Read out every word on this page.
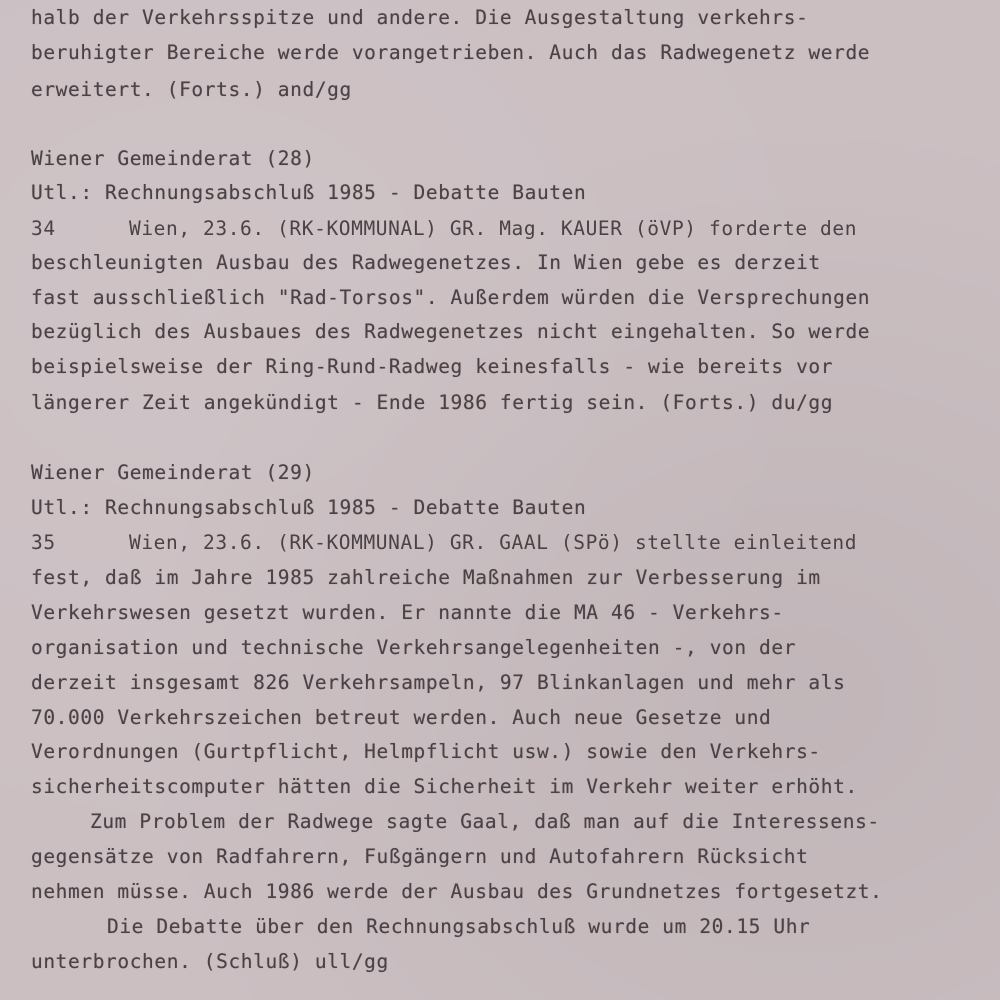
halb der Verkehrsspitze und andere. Die Ausgestaltung verkehrs-
beruhigter Bereiche werde vorangetrieben. Auch das Radwegenetz werde
erweitert. (Forts.) and/gg
Wiener Gemeinderat (28)
Utl.: Rechnungsabschluß 1985 - Debatte Bauten
34	Wien, 23.6. (RK-KOMMUNAL) GR. Mag. KAUER (öVP) forderte den
beschleunigten Ausbau des Radwegenetzes. In Wien gebe es derzeit
fast ausschließlich "Rad-Torsos". Außerdem würden die Versprechungen
bezüglich des Ausbaues des Radwegenetzes nicht eingehalten. So werde
beispielsweise der Ring-Rund-Radweg keinesfalls - wie bereits vor
längerer Zeit angekündigt - Ende 1986 fertig sein. (Forts.) du/gg
Wiener Gemeinderat (29)
Utl.: Rechnungsabschluß 1985 - Debatte Bauten
35	Wien, 23.6. (RK-KOMMUNAL) GR. GAAL (SPö) stellte einleitend
fest, daß im Jahre 1985 zahlreiche Maßnahmen zur Verbesserung im
Verkehrswesen gesetzt wurden. Er nannte die MA 46 - Verkehrs-
organisation und technische Verkehrsangelegenheiten -, von der
derzeit insgesamt 826 Verkehrsampeln, 97 Blinkanlagen und mehr als
70.000 Verkehrszeichen betreut werden. Auch neue Gesetze und
Verordnungen (Gurtpflicht, Helmpflicht usw.) sowie den Verkehrs-
sicherheitscomputer hätten die Sicherheit im Verkehr weiter erhöht.
Zum Problem der Radwege sagte Gaal, daß man auf die Interessens-
gegensätze von Radfahrern, Fußgängern und Autofahrern Rücksicht
nehmen müsse. Auch 1986 werde der Ausbau des Grundnetzes fortgesetzt.
Die Debatte über den Rechnungsabschluß wurde um 20.15 Uhr
unterbrochen. (Schluß) ull/gg
